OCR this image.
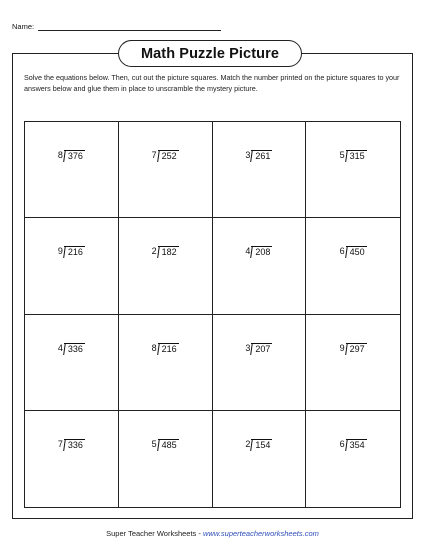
Name:
Math Puzzle Picture
Solve the equations below. Then, cut out the picture squares. Match the number printed on the picture squares to your answers below and glue them in place to unscramble the mystery picture.
8 376	7 252	3 261	5 315
9 216	2 182	4 208	6 450
4 336	8 216	3 207	9 297
7 336	5 485	2 154	6 354
Super Teacher Worksheets - www.superteacherworksheets.com
